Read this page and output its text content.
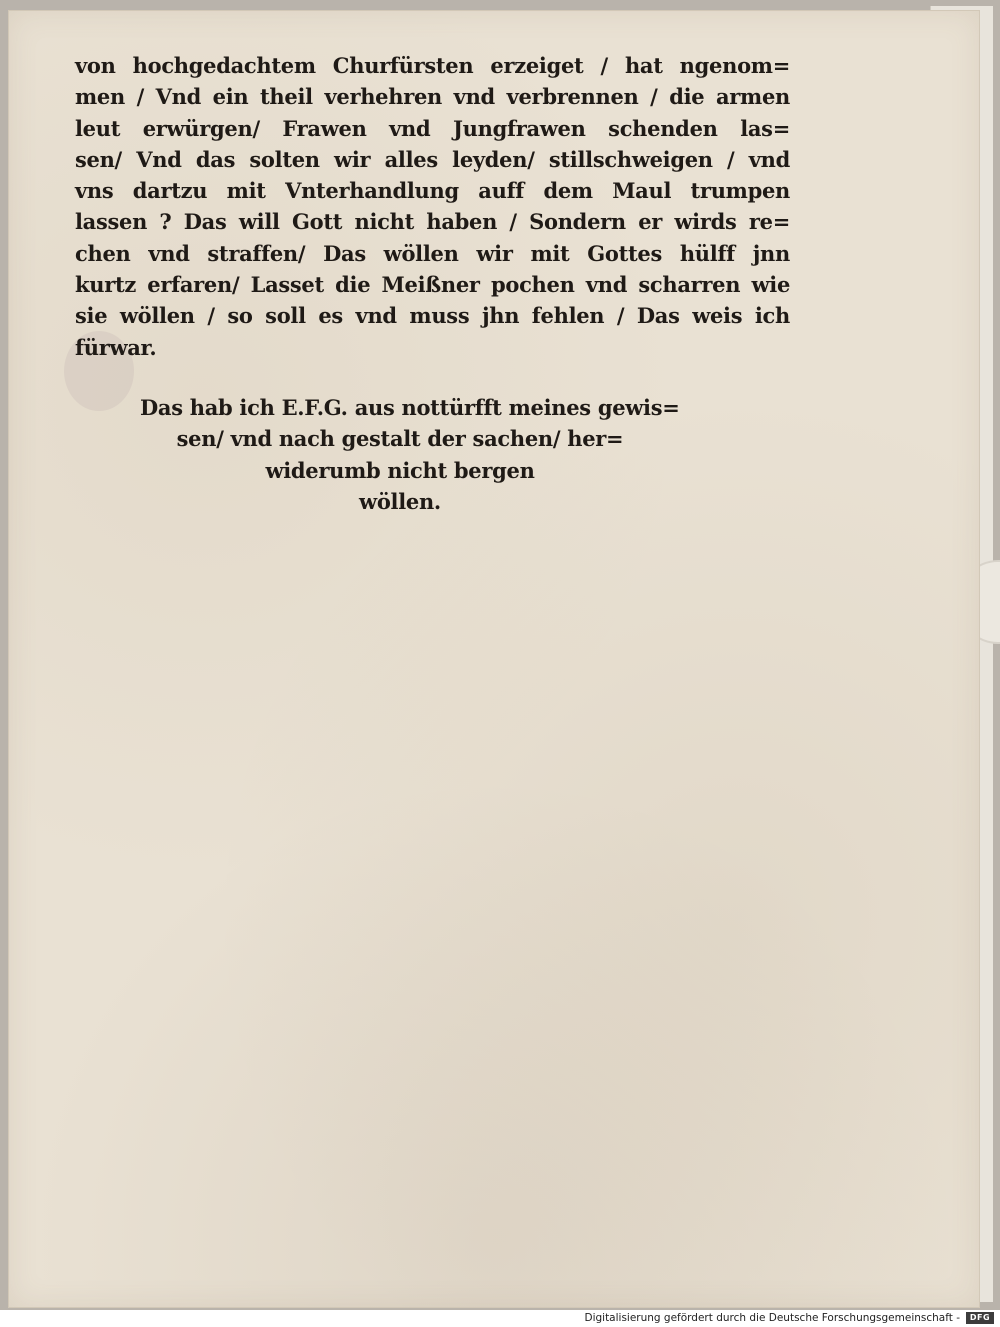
von hochgedachtem Churfürsten erzeiget / hat ngenom=
men / Vnd ein theil verhehren vnd verbrennen / die armen
leut erwürgen/ Frawen vnd Jungfrawen schenden las=
sen/ Vnd das solten wir alles leyden/ stillschweigen / vnd
vns dartzu mit Vnterhandlung auff dem Maul trumpen
lassen ? Das will Gott nicht haben / Sondern er wirds re=
chen vnd straffen/ Das wöllen wir mit Gottes hülff jnn
kurtz erfaren/ Lasset die Meißner pochen vnd scharren wie
sie wöllen / so soll es vnd muss jhn fehlen / Das weis ich
fürwar.
Das hab ich E.F.G. aus nottürfft meines gewis=
sen/ vnd nach gestalt der sachen/ her=
widerumb nicht bergen
wöllen.
Digitalisierung gefördert durch die Deutsche Forschungsgemeinschaft -	DFG
